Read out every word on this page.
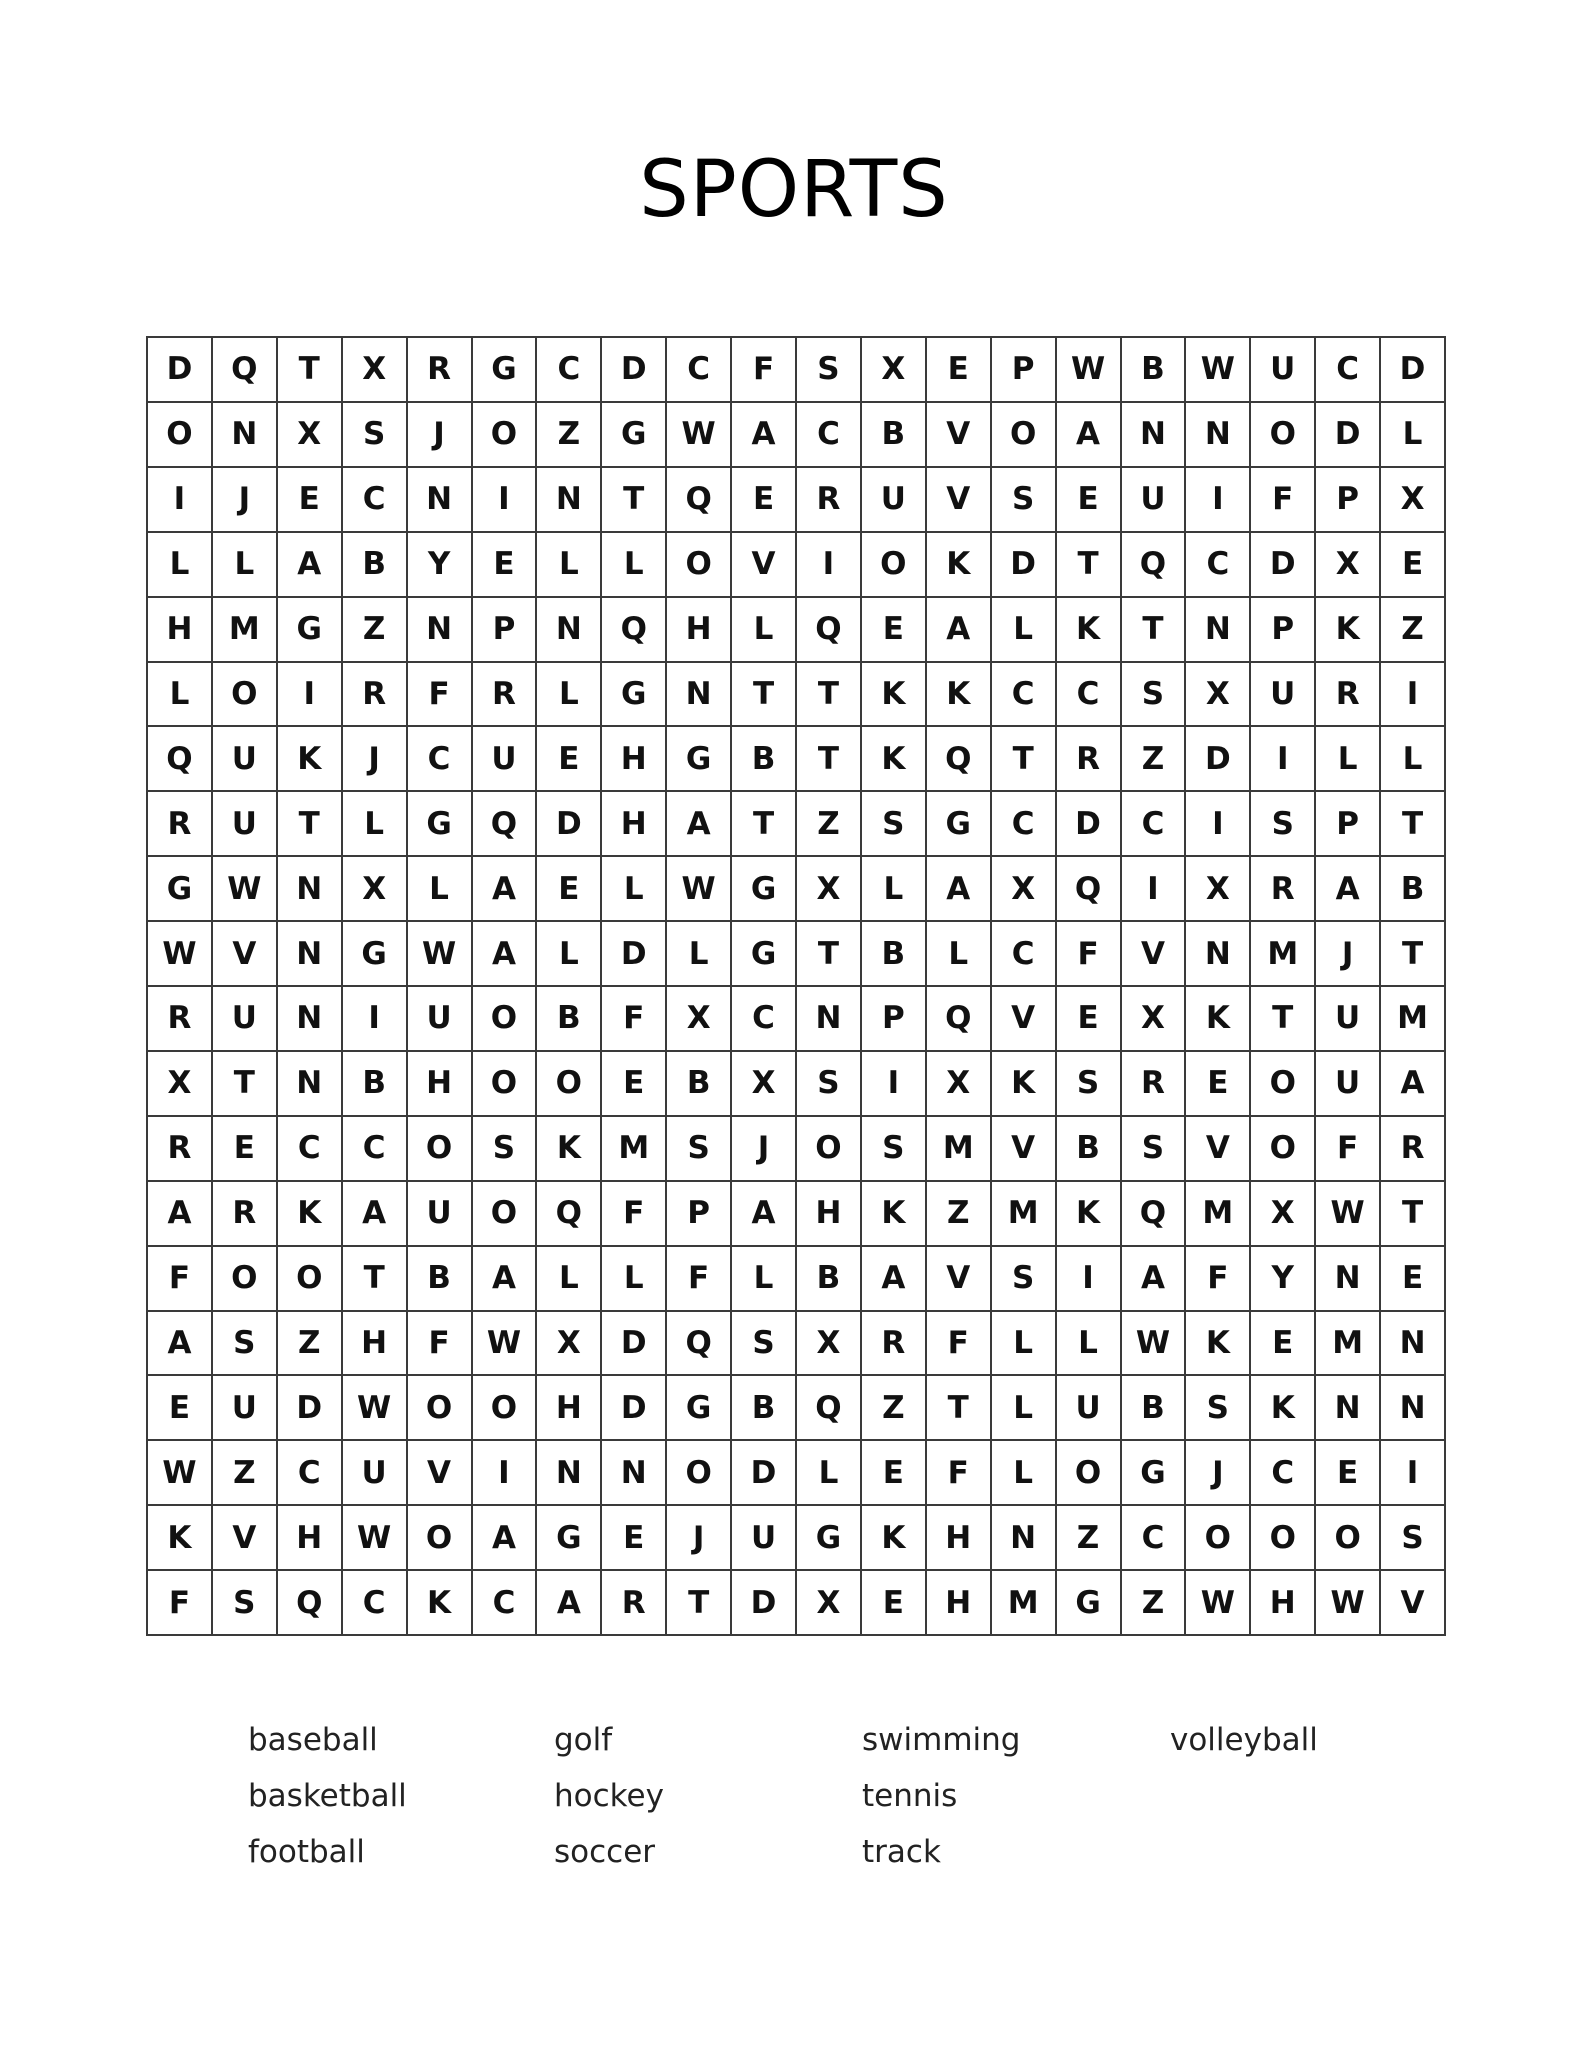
SPORTS
D	Q	T	X	R	G	C	D	C	F	S	X	E	P	W	B	W	U	C	D
O	N	X	S	J	O	Z	G	W	A	C	B	V	O	A	N	N	O	D	L
I	J	E	C	N	I	N	T	Q	E	R	U	V	S	E	U	I	F	P	X
L	L	A	B	Y	E	L	L	O	V	I	O	K	D	T	Q	C	D	X	E
H	M	G	Z	N	P	N	Q	H	L	Q	E	A	L	K	T	N	P	K	Z
L	O	I	R	F	R	L	G	N	T	T	K	K	C	C	S	X	U	R	I
Q	U	K	J	C	U	E	H	G	B	T	K	Q	T	R	Z	D	I	L	L
R	U	T	L	G	Q	D	H	A	T	Z	S	G	C	D	C	I	S	P	T
G	W	N	X	L	A	E	L	W	G	X	L	A	X	Q	I	X	R	A	B
W	V	N	G	W	A	L	D	L	G	T	B	L	C	F	V	N	M	J	T
R	U	N	I	U	O	B	F	X	C	N	P	Q	V	E	X	K	T	U	M
X	T	N	B	H	O	O	E	B	X	S	I	X	K	S	R	E	O	U	A
R	E	C	C	O	S	K	M	S	J	O	S	M	V	B	S	V	O	F	R
A	R	K	A	U	O	Q	F	P	A	H	K	Z	M	K	Q	M	X	W	T
F	O	O	T	B	A	L	L	F	L	B	A	V	S	I	A	F	Y	N	E
A	S	Z	H	F	W	X	D	Q	S	X	R	F	L	L	W	K	E	M	N
E	U	D	W	O	O	H	D	G	B	Q	Z	T	L	U	B	S	K	N	N
W	Z	C	U	V	I	N	N	O	D	L	E	F	L	O	G	J	C	E	I
K	V	H	W	O	A	G	E	J	U	G	K	H	N	Z	C	O	O	O	S
F	S	Q	C	K	C	A	R	T	D	X	E	H	M	G	Z	W	H	W	V
baseball
basketball
football
golf
hockey
soccer
swimming
tennis
track
volleyball
